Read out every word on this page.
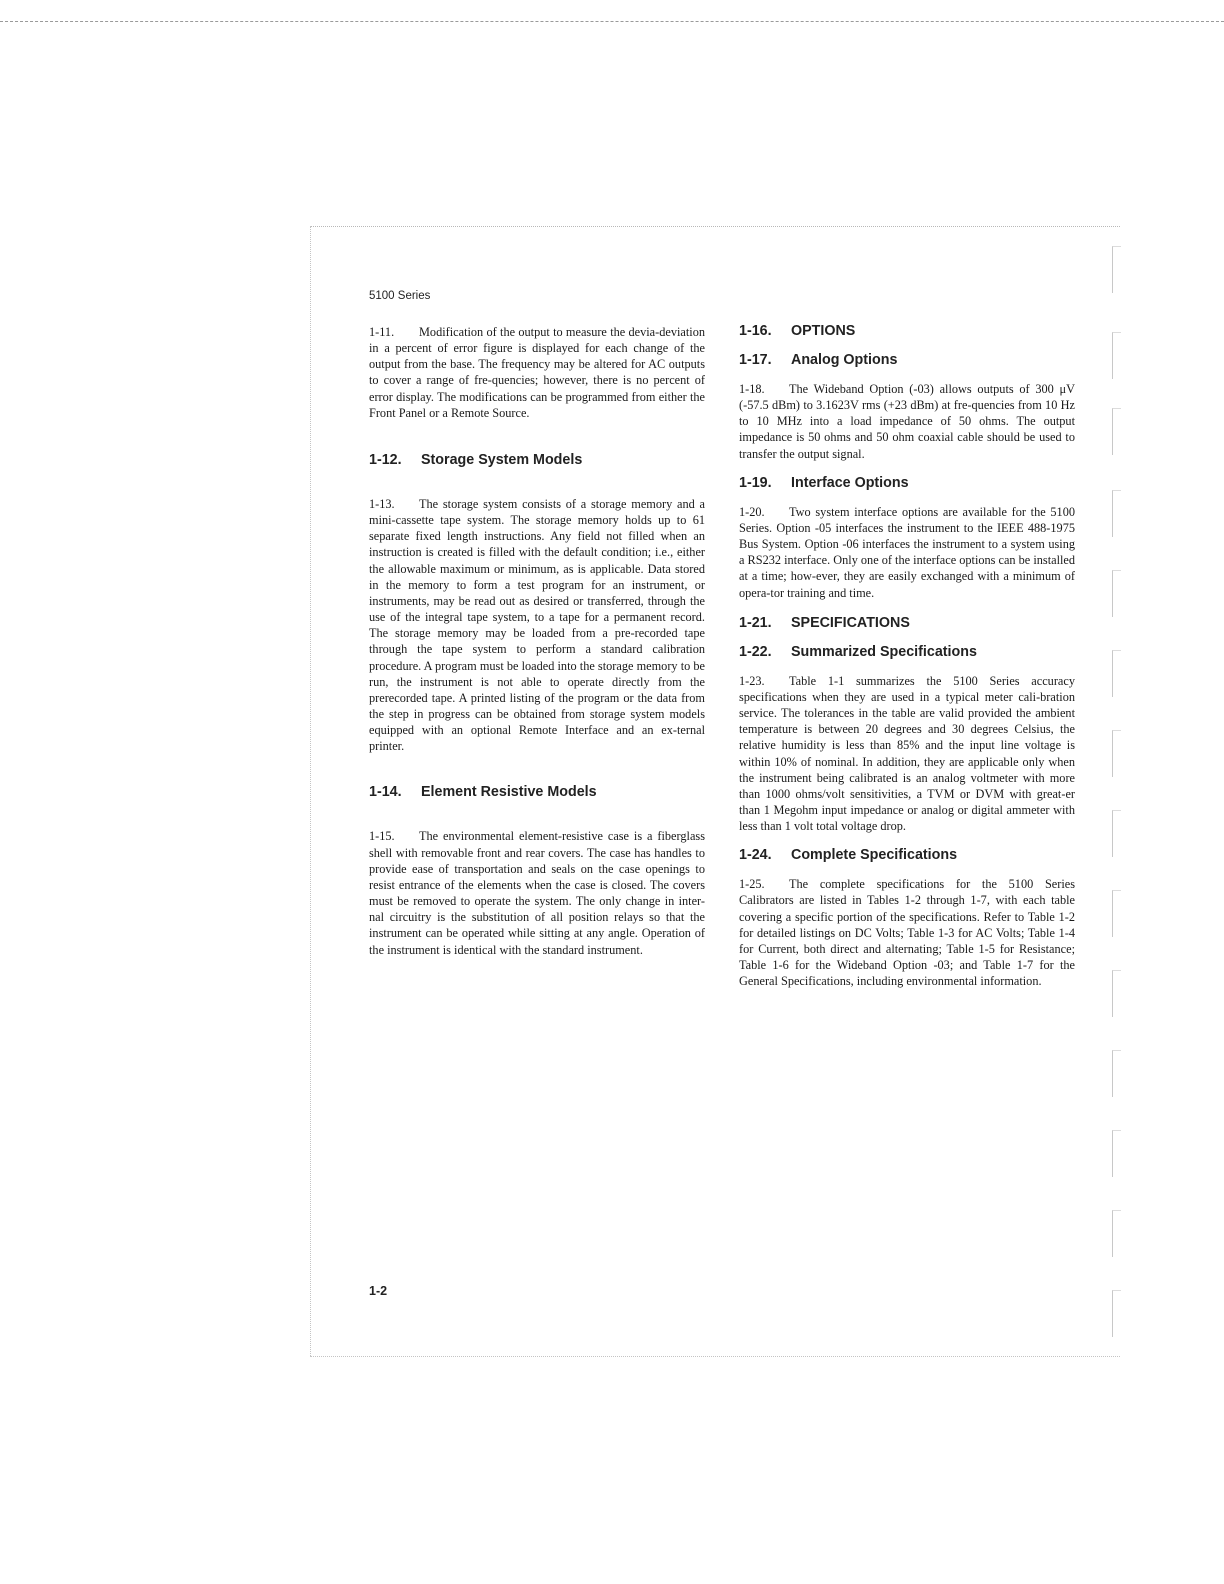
5100 Series

1-11. Modification of the output to measure the devia-deviation in a percent of error figure is displayed for each change of the output from the base. The frequency may be altered for AC outputs to cover a range of fre-quencies; however, there is no percent of error display. The modifications can be programmed from either the Front Panel or a Remote Source.

1-12. Storage System Models

1-13. The storage system consists of a storage memory and a mini-cassette tape system. The storage memory holds up to 61 separate fixed length instructions. Any field not filled when an instruction is created is filled with the default condition; i.e., either the allowable maximum or minimum, as is applicable. Data stored in the memory to form a test program for an instrument, or instruments, may be read out as desired or transferred, through the use of the integral tape system, to a tape for a permanent record. The storage memory may be loaded from a pre-recorded tape through the tape system to perform a standard calibration procedure. A program must be loaded into the storage memory to be run, the instrument is not able to operate directly from the prerecorded tape. A printed listing of the program or the data from the step in progress can be obtained from storage system models equipped with an optional Remote Interface and an ex-ternal printer.

1-14. Element Resistive Models

1-15. The environmental element-resistive case is a fiberglass shell with removable front and rear covers. The case has handles to provide ease of transportation and seals on the case openings to resist entrance of the elements when the case is closed. The covers must be removed to operate the system. The only change in inter-nal circuitry is the substitution of all position relays so that the instrument can be operated while sitting at any angle. Operation of the instrument is identical with the standard instrument.

1-16. OPTIONS
1-17. Analog Options

1-18. The Wideband Option (-03) allows outputs of 300 μV (-57.5 dBm) to 3.1623V rms (+23 dBm) at fre-quencies from 10 Hz to 10 MHz into a load impedance of 50 ohms. The output impedance is 50 ohms and 50 ohm coaxial cable should be used to transfer the output signal.

1-19. Interface Options

1-20. Two system interface options are available for the 5100 Series. Option -05 interfaces the instrument to the IEEE 488-1975 Bus System. Option -06 interfaces the instrument to a system using a RS232 interface. Only one of the interface options can be installed at a time; how-ever, they are easily exchanged with a minimum of opera-tor training and time.

1-21. SPECIFICATIONS
1-22. Summarized Specifications

1-23. Table 1-1 summarizes the 5100 Series accuracy specifications when they are used in a typical meter cali-bration service. The tolerances in the table are valid provided the ambient temperature is between 20 degrees and 30 degrees Celsius, the relative humidity is less than 85% and the input line voltage is within 10% of nominal. In addition, they are applicable only when the instrument being calibrated is an analog voltmeter with more than 1000 ohms/volt sensitivities, a TVM or DVM with great-er than 1 Megohm input impedance or analog or digital ammeter with less than 1 volt total voltage drop.

1-24. Complete Specifications

1-25. The complete specifications for the 5100 Series Calibrators are listed in Tables 1-2 through 1-7, with each table covering a specific portion of the specifications. Refer to Table 1-2 for detailed listings on DC Volts; Table 1-3 for AC Volts; Table 1-4 for Current, both direct and alternating; Table 1-5 for Resistance; Table 1-6 for the Wideband Option -03; and Table 1-7 for the General Specifications, including environmental information.

1-2
